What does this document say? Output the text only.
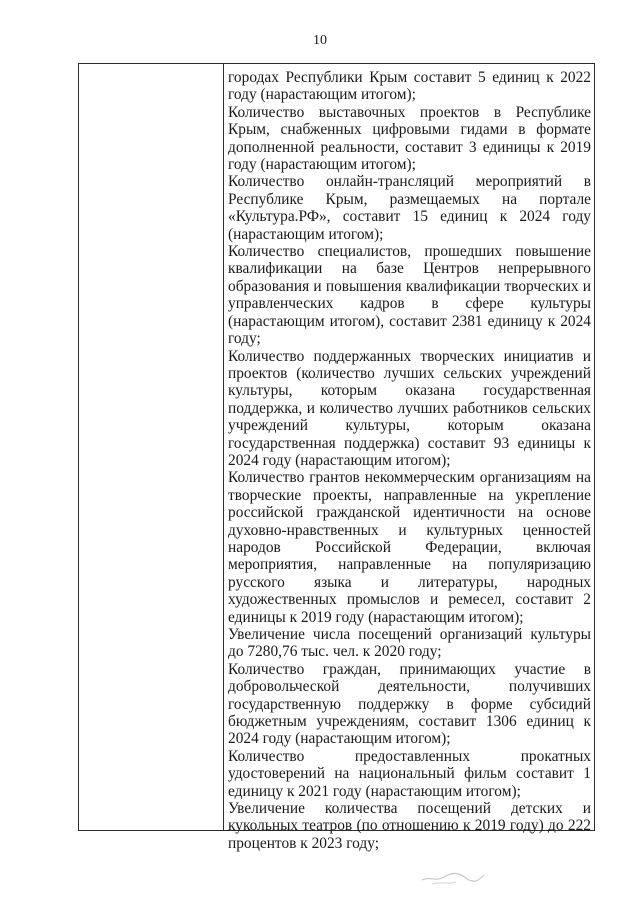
10

городах Республики Крым составит 5 единиц к 2022 году (нарастающим итогом);

Количество выставочных проектов в Республике Крым, снабженных цифровыми гидами в формате дополненной реальности, составит 3 единицы к 2019 году (нарастающим итогом);

Количество онлайн-трансляций мероприятий в Республике Крым, размещаемых на портале «Культура.РФ», составит 15 единиц к 2024 году (нарастающим итогом);

Количество специалистов, прошедших повышение квалификации на базе Центров непрерывного образования и повышения квалификации творческих и управленческих кадров в сфере культуры (нарастающим итогом), составит 2381 единицу к 2024 году;

Количество поддержанных творческих инициатив и проектов (количество лучших сельских учреждений культуры, которым оказана государственная поддержка, и количество лучших работников сельских учреждений культуры, которым оказана государственная поддержка) составит 93 единицы к 2024 году (нарастающим итогом);

Количество грантов некоммерческим организациям на творческие проекты, направленные на укрепление российской гражданской идентичности на основе духовно-нравственных и культурных ценностей народов Российской Федерации, включая мероприятия, направленные на популяризацию русского языка и литературы, народных художественных промыслов и ремесел, составит 2 единицы к 2019 году (нарастающим итогом);

Увеличение числа посещений организаций культуры до 7280,76 тыс. чел. к 2020 году;

Количество граждан, принимающих участие в добровольческой деятельности, получивших государственную поддержку в форме субсидий бюджетным учреждениям, составит 1306 единиц к 2024 году (нарастающим итогом);

Количество предоставленных прокатных удостоверений на национальный фильм составит 1 единицу к 2021 году (нарастающим итогом);

Увеличение количества посещений детских и кукольных театров (по отношению к 2019 году) до 222 процентов к 2023 году;
